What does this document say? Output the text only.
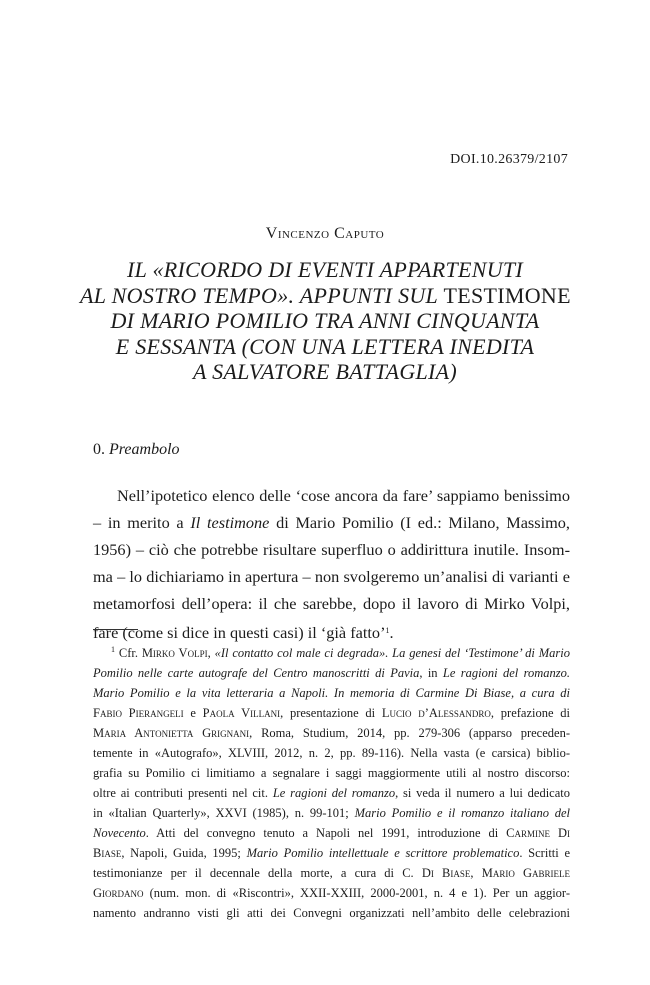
DOI.10.26379/2107
Vincenzo Caputo
IL «RICORDO DI EVENTI APPARTENUTI
AL NOSTRO TEMPO». APPUNTI SUL TESTIMONE
DI MARIO POMILIO TRA ANNI CINQUANTA
E SESSANTA (CON UNA LETTERA INEDITA
A SALVATORE BATTAGLIA)
0. Preambolo
Nell’ipotetico elenco delle ‘cose ancora da fare’ sappiamo benissimo
– in merito a Il testimone di Mario Pomilio (I ed.: Milano, Massimo,
1956) – ciò che potrebbe risultare superfluo o addirittura inutile. Insom-
ma – lo dichiariamo in apertura – non svolgeremo un’analisi di varianti e
metamorfosi dell’opera: il che sarebbe, dopo il lavoro di Mirko Volpi,
fare (come si dice in questi casi) il ‘già fatto’$^1$.
$^1$ Cfr. Mirko Volpi, «Il contatto col male ci degrada». La genesi del ‘Testimone’ di Mario
Pomilio nelle carte autografe del Centro manoscritti di Pavia, in Le ragioni del romanzo.
Mario Pomilio e la vita letteraria a Napoli. In memoria di Carmine Di Biase, a cura di
Fabio Pierangeli e Paola Villani, presentazione di Lucio d’Alessandro, prefazione di
Maria Antonietta Grignani, Roma, Studium, 2014, pp. 279-306 (apparso preceden-
temente in «Autografo», XLVIII, 2012, n. 2, pp. 89-116). Nella vasta (e carsica) biblio-
grafia su Pomilio ci limitiamo a segnalare i saggi maggiormente utili al nostro discorso:
oltre ai contributi presenti nel cit. Le ragioni del romanzo, si veda il numero a lui dedicato
in «Italian Quarterly», XXVI (1985), n. 99-101; Mario Pomilio e il romanzo italiano del
Novecento. Atti del convegno tenuto a Napoli nel 1991, introduzione di Carmine Di
Biase, Napoli, Guida, 1995; Mario Pomilio intellettuale e scrittore problematico. Scritti e
testimonianze per il decennale della morte, a cura di C. Di Biase, Mario Gabriele
Giordano (num. mon. di «Riscontri», XXII-XXIII, 2000-2001, n. 4 e 1). Per un aggior-
namento andranno visti gli atti dei Convegni organizzati nell’ambito delle celebrazioni
